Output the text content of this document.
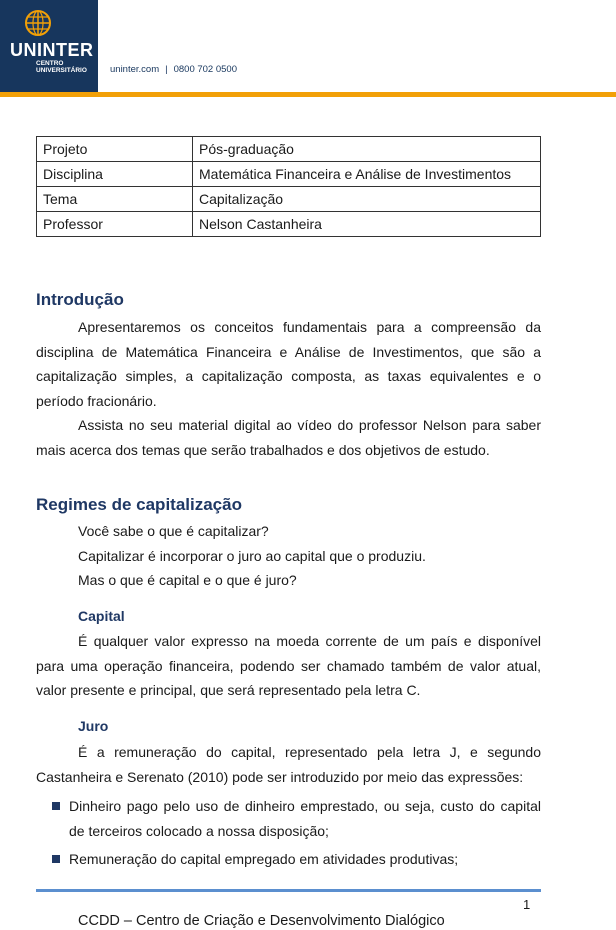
UNINTER
CENTRO
UNIVERSITÁRIO uninter.com | 0800 702 0500
Projeto	Pós-graduação
Disciplina	Matemática Financeira e Análise de Investimentos
Tema	Capitalização
Professor	Nelson Castanheira
Introdução

Apresentaremos os conceitos fundamentais para a compreensão da disciplina de Matemática Financeira e Análise de Investimentos, que são a capitalização simples, a capitalização composta, as taxas equivalentes e o período fracionário.

Assista no seu material digital ao vídeo do professor Nelson para saber mais acerca dos temas que serão trabalhados e dos objetivos de estudo.

Regimes de capitalização

Você sabe o que é capitalizar?

Capitalizar é incorporar o juro ao capital que o produziu.

Mas o que é capital e o que é juro?

Capital

É qualquer valor expresso na moeda corrente de um país e disponível para uma operação financeira, podendo ser chamado também de valor atual, valor presente e principal, que será representado pela letra C.

Juro

É a remuneração do capital, representado pela letra J, e segundo Castanheira e Serenato (2010) pode ser introduzido por meio das expressões:

Dinheiro pago pelo uso de dinheiro emprestado, ou seja, custo do capital de terceiros colocado a nossa disposição;
Remuneração do capital empregado em atividades produtivas;
1
CCDD – Centro de Criação e Desenvolvimento Dialógico
